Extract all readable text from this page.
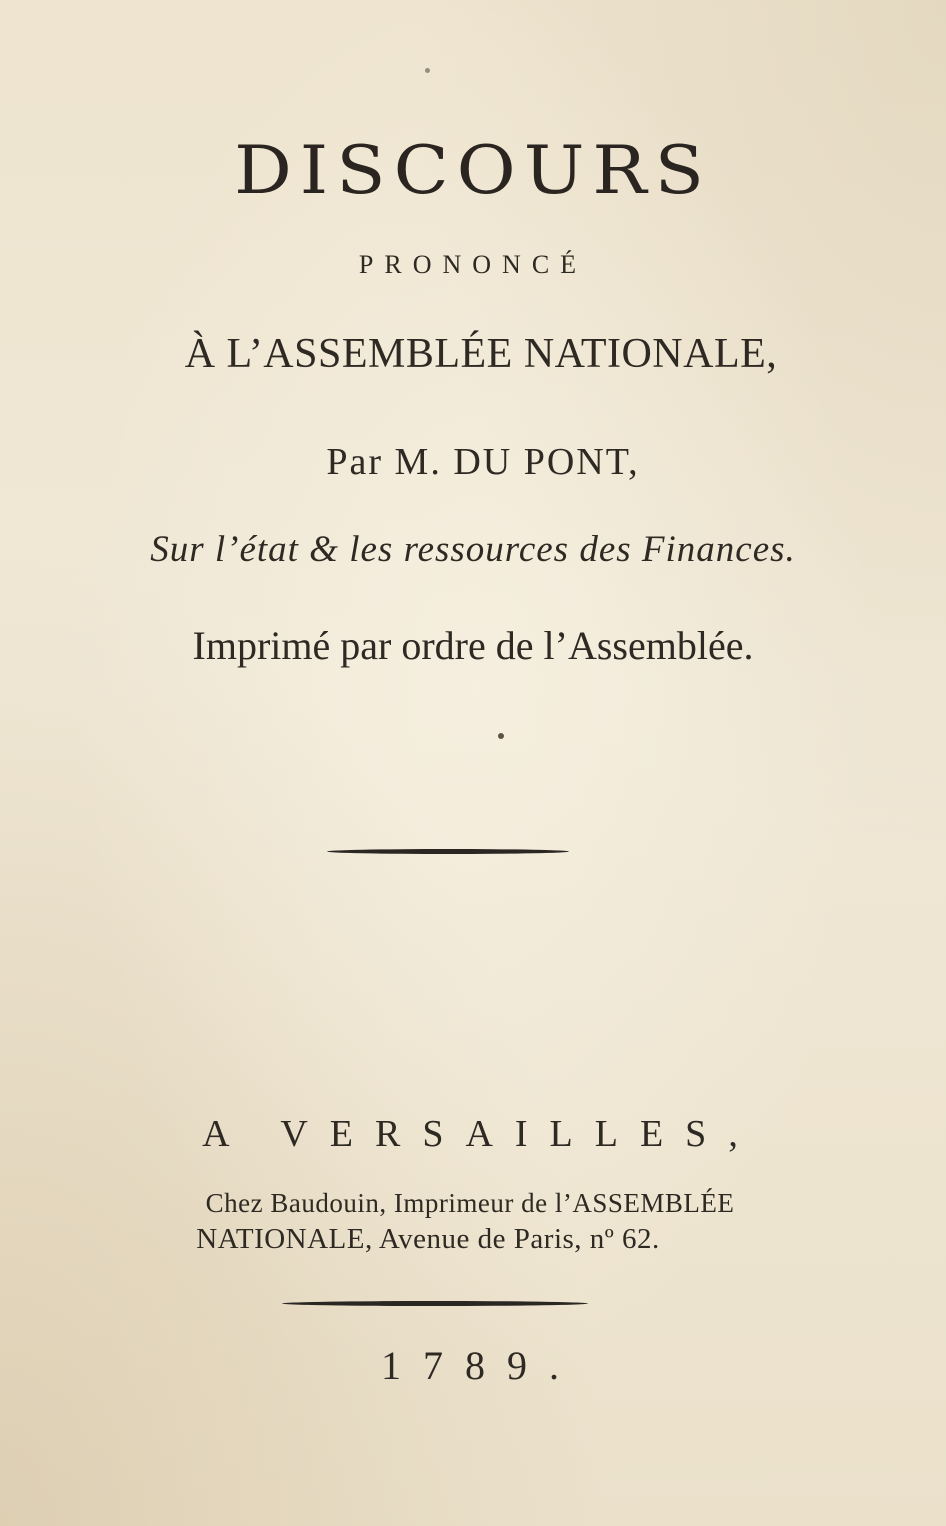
DISCOURS
PRONONCÉ
À L’ASSEMBLÉE NATIONALE,
Par M. DU PONT,
Sur l’état & les ressources des Finances.
Imprimé par ordre de l’Assemblée.
A VERSAILLES,
Chez Baudouin, Imprimeur de l’ASSEMBLÉE
NATIONALE, Avenue de Paris, nº 62.
1789.
